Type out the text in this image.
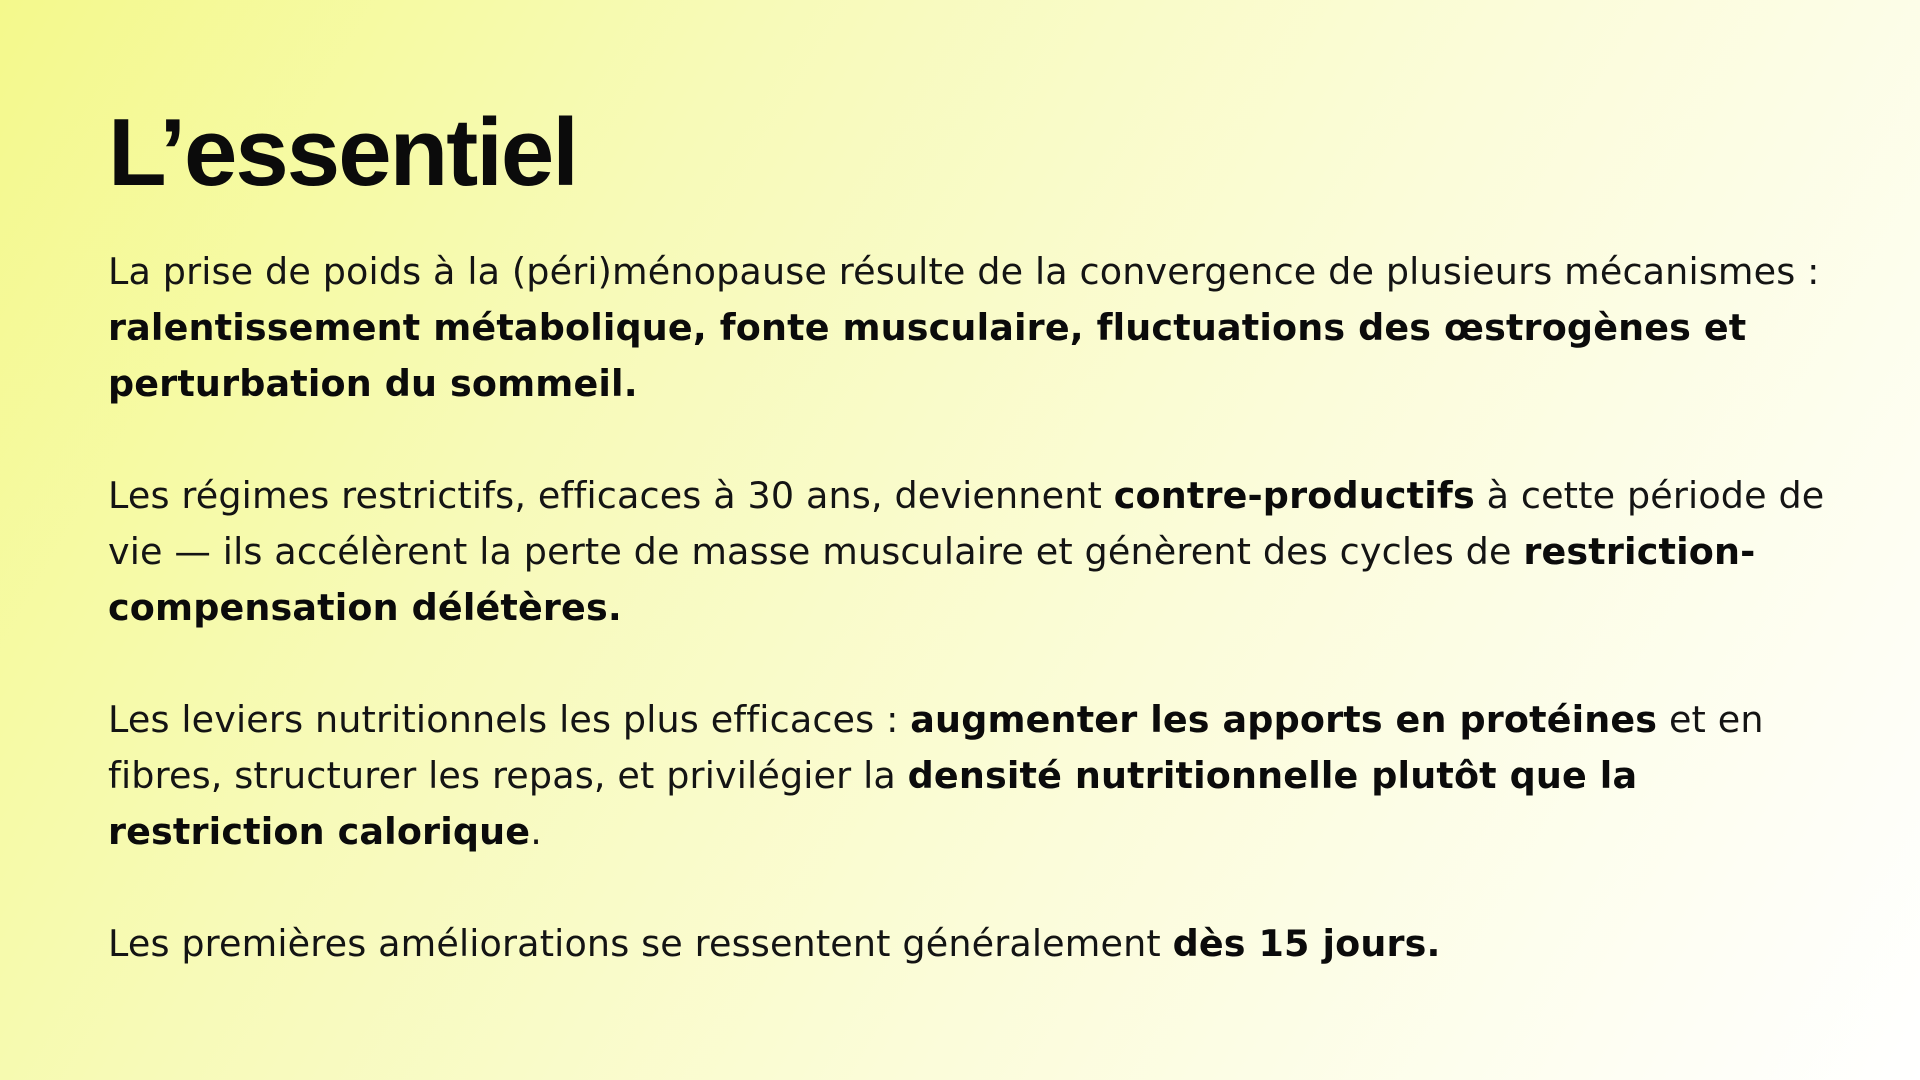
L’essentiel

La prise de poids à la (péri)ménopause résulte de la convergence de plusieurs mécanismes : ralentissement métabolique, fonte musculaire, fluctuations des œstrogènes et perturbation du sommeil.

Les régimes restrictifs, efficaces à 30 ans, deviennent contre-productifs à cette période de vie — ils accélèrent la perte de masse musculaire et génèrent des cycles de restriction-compensation délétères.

Les leviers nutritionnels les plus efficaces : augmenter les apports en protéines et en fibres, structurer les repas, et privilégier la densité nutritionnelle plutôt que la restriction calorique.

Les premières améliorations se ressentent généralement dès 15 jours.
